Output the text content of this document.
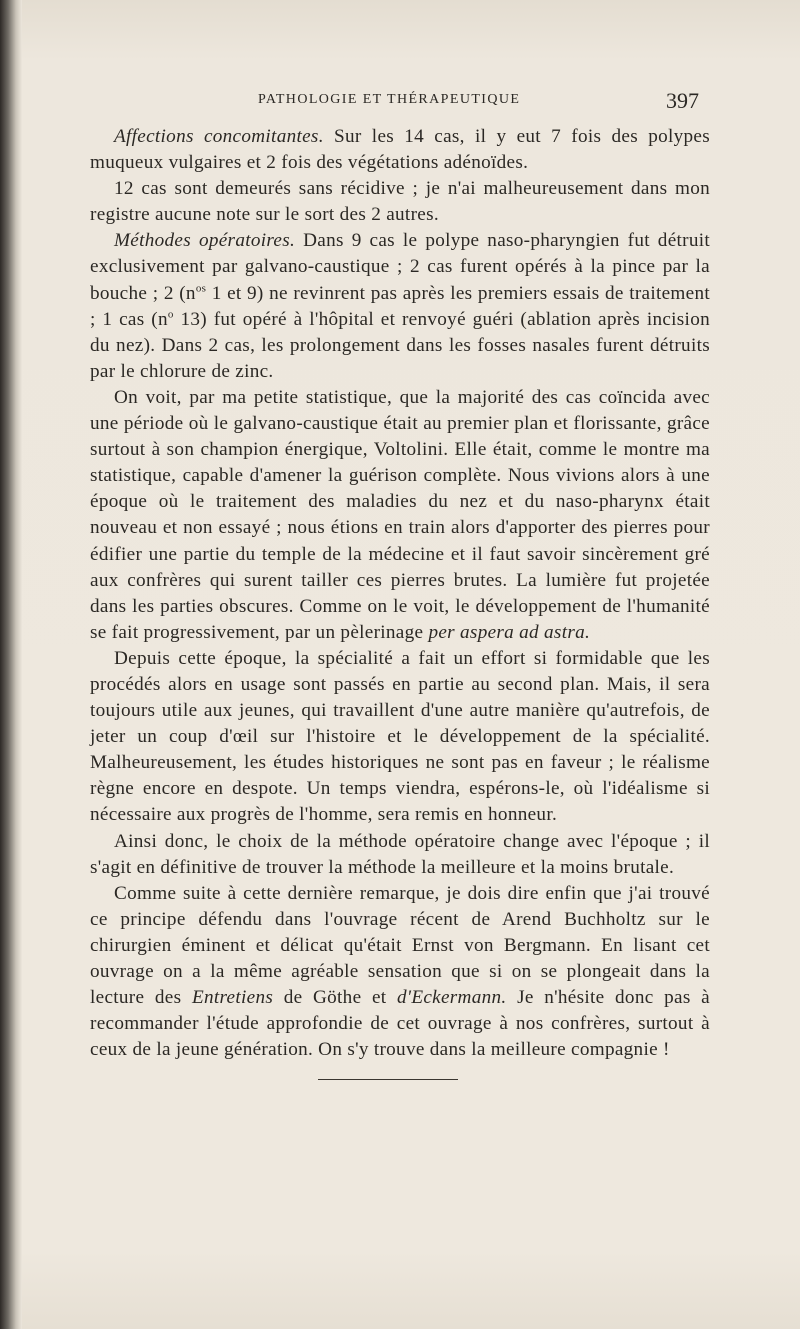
PATHOLOGIE ET THÉRAPEUTIQUE	397

Affections concomitantes. Sur les 14 cas, il y eut 7 fois des polypes muqueux vulgaires et 2 fois des végétations adénoïdes.

12 cas sont demeurés sans récidive ; je n'ai malheureusement dans mon registre aucune note sur le sort des 2 autres.

Méthodes opératoires. Dans 9 cas le polype naso-pharyngien fut détruit exclusivement par galvano-caustique ; 2 cas furent opérés à la pince par la bouche ; 2 ($n^{os}$ 1 et 9) ne revinrent pas après les premiers essais de traitement ; 1 cas ($n^o$ 13) fut opéré à l'hôpital et renvoyé guéri (ablation après incision du nez). Dans 2 cas, les prolongement dans les fosses nasales furent détruits par le chlorure de zinc.

On voit, par ma petite statistique, que la majorité des cas coïncida avec une période où le galvano-caustique était au premier plan et florissante, grâce surtout à son champion énergique, Voltolini. Elle était, comme le montre ma statistique, capable d'amener la guérison complète. Nous vivions alors à une époque où le traitement des maladies du nez et du naso-pharynx était nouveau et non essayé ; nous étions en train alors d'apporter des pierres pour édifier une partie du temple de la médecine et il faut savoir sincèrement gré aux confrères qui surent tailler ces pierres brutes. La lumière fut projetée dans les parties obscures. Comme on le voit, le développement de l'humanité se fait progressivement, par un pèlerinage per aspera ad astra.

Depuis cette époque, la spécialité a fait un effort si formidable que les procédés alors en usage sont passés en partie au second plan. Mais, il sera toujours utile aux jeunes, qui travaillent d'une autre manière qu'autrefois, de jeter un coup d'œil sur l'histoire et le développement de la spécialité. Malheureusement, les études historiques ne sont pas en faveur ; le réalisme règne encore en despote. Un temps viendra, espérons-le, où l'idéalisme si nécessaire aux progrès de l'homme, sera remis en honneur.

Ainsi donc, le choix de la méthode opératoire change avec l'époque ; il s'agit en définitive de trouver la méthode la meilleure et la moins brutale.

Comme suite à cette dernière remarque, je dois dire enfin que j'ai trouvé ce principe défendu dans l'ouvrage récent de Arend Buchholtz sur le chirurgien éminent et délicat qu'était Ernst von Bergmann. En lisant cet ouvrage on a la même agréable sensation que si on se plongeait dans la lecture des Entretiens de Göthe et d'Eckermann. Je n'hésite donc pas à recommander l'étude approfondie de cet ouvrage à nos confrères, surtout à ceux de la jeune génération. On s'y trouve dans la meilleure compagnie !
